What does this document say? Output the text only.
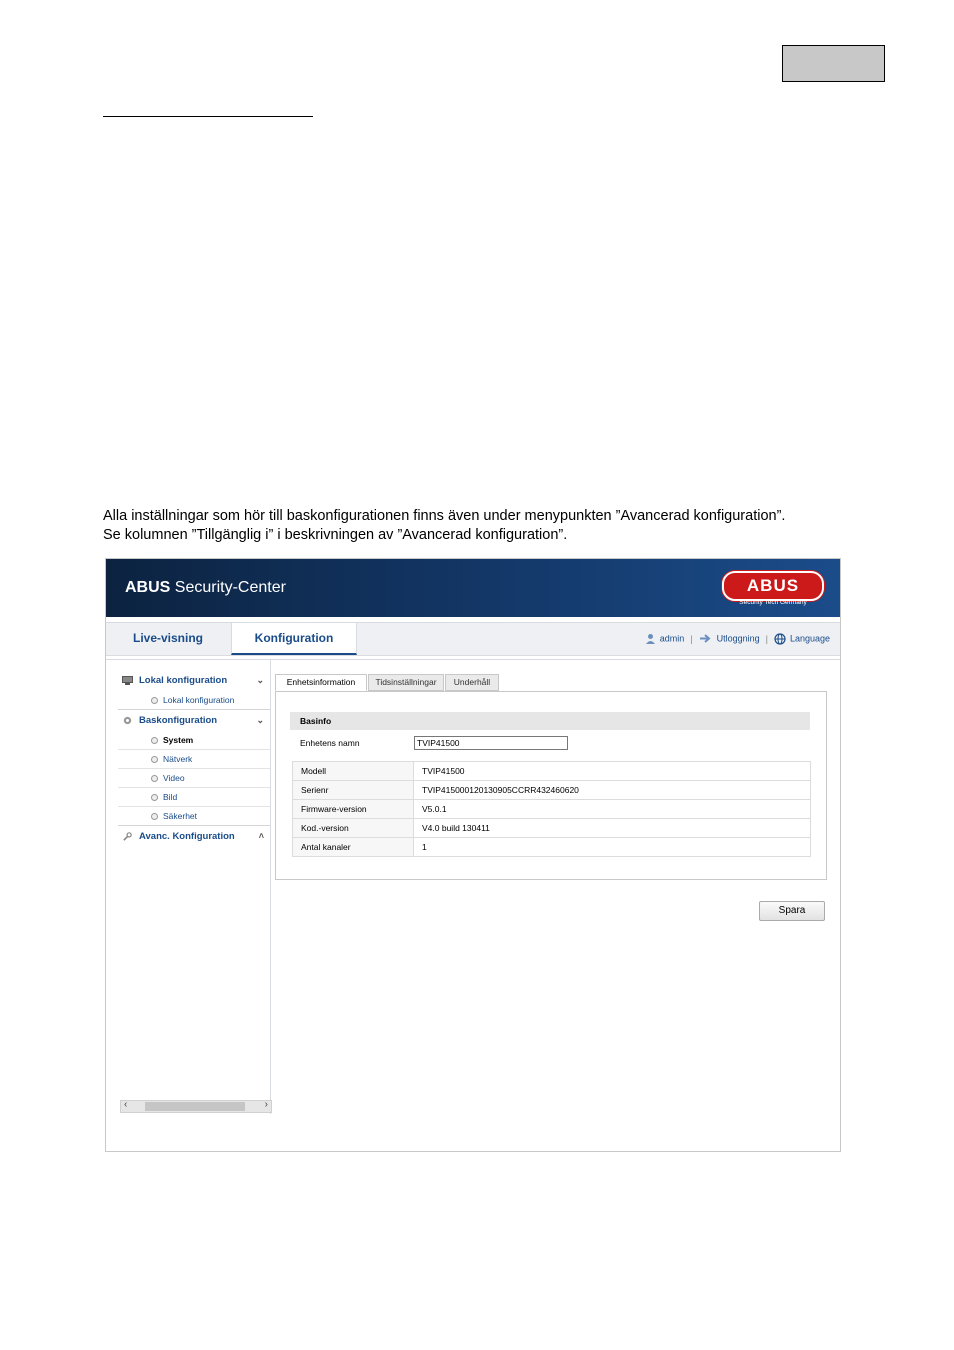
Alla inställningar som hör till baskonfigurationen finns även under menypunkten ”Avancerad konfiguration”.
Se kolumnen ”Tillgänglig i” i beskrivningen av ”Avancerad konfiguration”.
ABUS Security-Center	ABUS
Security Tech Germany
Live-visning	Konfiguration	admin |	Utloggning | Language
Lokal konfiguration	⌄
Lokal konfiguration
Baskonfiguration	⌄
System
Nätverk
Video
Bild
Säkerhet
Avanc. Konfiguration	˄
‹	›
Enhetsinformation	Tidsinställningar	Underhåll
Basinfo
Enhetens namn	TVIP41500
Modell	TVIP41500
Serienr	TVIP415000120130905CCRR432460620
Firmware-version	V5.0.1
Kod.-version	V4.0 build 130411
Antal kanaler	1
Spara
